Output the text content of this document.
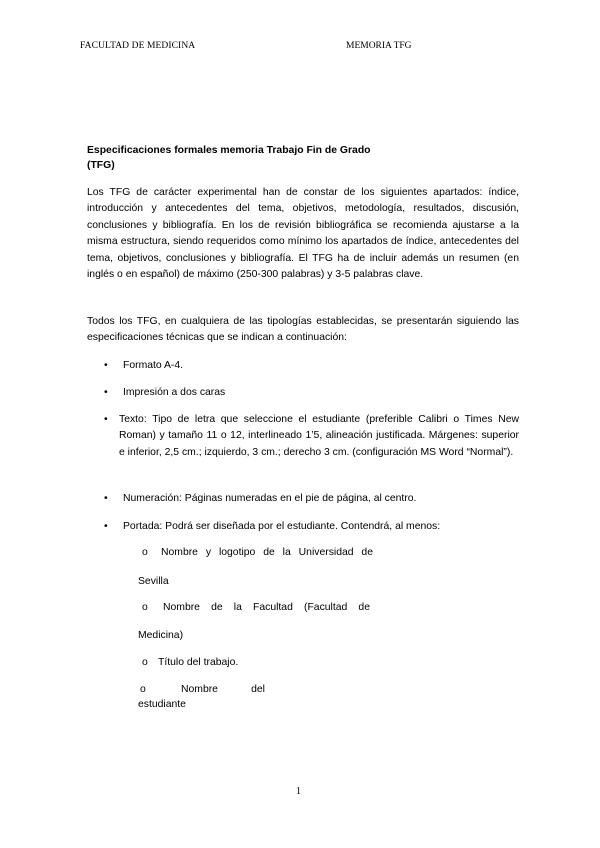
FACULTAD DE MEDICINA	MEMORIA TFG
Especificaciones formales memoria Trabajo Fin de Grado
(TFG)

Los TFG de carácter experimental han de constar de los siguientes apartados: índice, introducción y antecedentes del tema, objetivos, metodología, resultados, discusión, conclusiones y bibliografía. En los de revisión bibliográfica se recomienda ajustarse a la misma estructura, siendo requeridos como mínimo los apartados de índice, antecedentes del tema, objetivos, conclusiones y bibliografía. El TFG ha de incluir además un resumen (en inglés o en español) de máximo (250-300 palabras) y 3-5 palabras clave.

Todos los TFG, en cualquiera de las tipologías establecidas, se presentarán siguiendo las especificaciones técnicas que se indican a continuación:

• Formato A-4.
• Impresión a dos caras
• Texto: Tipo de letra que seleccione el estudiante (preferible Calibri o Times New Roman) y tamaño 11 o 12, interlineado 1’5, alineación justificada. Márgenes: superior e inferior, 2,5 cm.; izquierdo, 3 cm.; derecho 3 cm. (configuración MS Word “Normal”).
• Numeración: Páginas numeradas en el pie de página, al centro.
• Portada: Podrá ser diseñada por el estudiante. Contendrá, al menos:
o Nombre y logotipo de la Universidad de
Sevilla
o Nombre de la Facultad (Facultad de
Medicina)
o Título del trabajo.
o	Nombre del
estudiante
1
